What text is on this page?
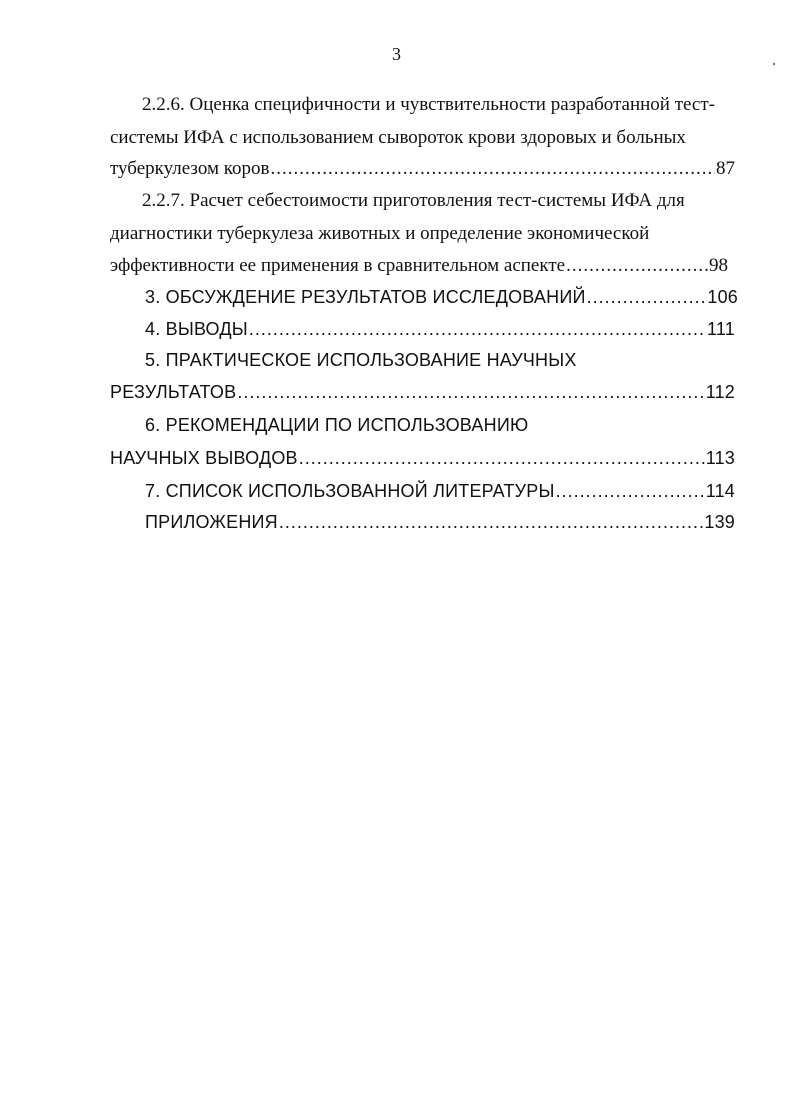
3
2.2.6. Оценка специфичности и чувствительности разработанной тест-
системы ИФА с использованием сывороток крови здоровых и больных
туберкулезом коров .....	87
2.2.7. Расчет себестоимости приготовления тест-системы ИФА для
диагностики туберкулеза животных и определение экономической
эффективности ее применения в сравнительном аспекте .....	98
3. ОБСУЖДЕНИЕ РЕЗУЛЬТАТОВ ИССЛЕДОВАНИЙ .....	106
4. ВЫВОДЫ .....	111
5. ПРАКТИЧЕСКОЕ ИСПОЛЬЗОВАНИЕ НАУЧНЫХ
РЕЗУЛЬТАТОВ .....	112
6. РЕКОМЕНДАЦИИ ПО ИСПОЛЬЗОВАНИЮ
НАУЧНЫХ ВЫВОДОВ .....	113
7. СПИСОК ИСПОЛЬЗОВАННОЙ ЛИТЕРАТУРЫ .....	114
ПРИЛОЖЕНИЯ .....	139
